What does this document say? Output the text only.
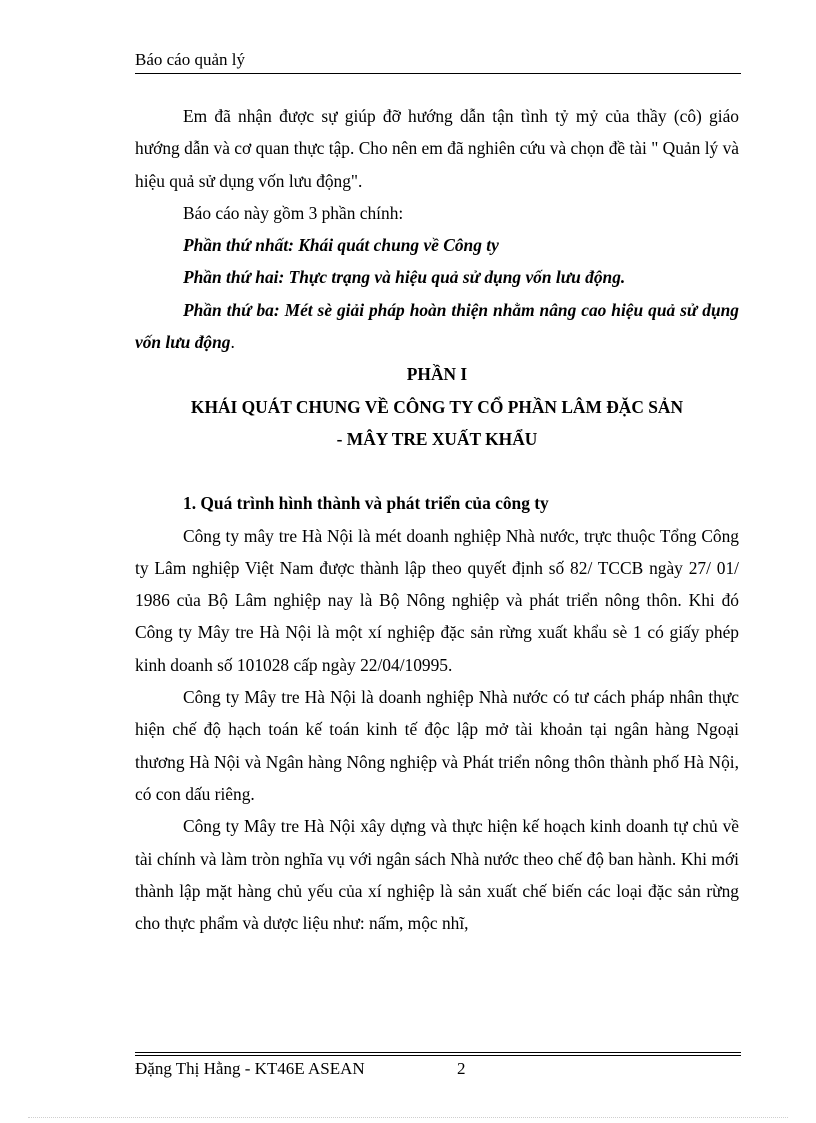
Báo cáo quản lý

Em đã nhận được sự giúp đỡ hướng dẫn tận tình tỷ mỷ của thầy (cô) giáo hướng dẫn và cơ quan thực tập. Cho nên em đã nghiên cứu và chọn đề tài " Quản lý và hiệu quả sử dụng vốn lưu động".

Báo cáo này gồm 3 phần chính:

Phần thứ nhất: Khái quát chung về Công ty

Phần thứ hai: Thực trạng và hiệu quả sử dụng vốn lưu động.

Phần thứ ba: Mét sè giải pháp hoàn thiện nhằm nâng cao hiệu quả sử dụng vốn lưu động.

PHẦN I

KHÁI QUÁT CHUNG VỀ CÔNG TY CỔ PHẦN LÂM ĐẶC SẢN

- MÂY TRE XUẤT KHẨU

1. Quá trình hình thành và phát triển của công ty

Công ty mây tre Hà Nội là mét doanh nghiệp Nhà nước, trực thuộc Tổng Công ty Lâm nghiệp Việt Nam được thành lập theo quyết định số 82/ TCCB ngày 27/ 01/ 1986 của Bộ Lâm nghiệp nay là Bộ Nông nghiệp và phát triển nông thôn. Khi đó Công ty Mây tre Hà Nội là một xí nghiệp đặc sản rừng xuất khẩu sè 1 có giấy phép kinh doanh số 101028 cấp ngày 22/04/10995.

Công ty Mây tre Hà Nội là doanh nghiệp Nhà nước có tư cách pháp nhân thực hiện chế độ hạch toán kế toán kinh tế độc lập mở tài khoản tại ngân hàng Ngoại thương Hà Nội và Ngân hàng Nông nghiệp và Phát triển nông thôn thành phố Hà Nội, có con dấu riêng.

Công ty Mây tre Hà Nội xây dựng và thực hiện kế hoạch kinh doanh tự chủ về tài chính và làm tròn nghĩa vụ với ngân sách Nhà nước theo chế độ ban hành. Khi mới thành lập mặt hàng chủ yếu của xí nghiệp là sản xuất chế biến các loại đặc sản rừng cho thực phẩm và dược liệu như: nấm, mộc nhĩ,

Đặng Thị Hằng - KT46E ASEAN	2
